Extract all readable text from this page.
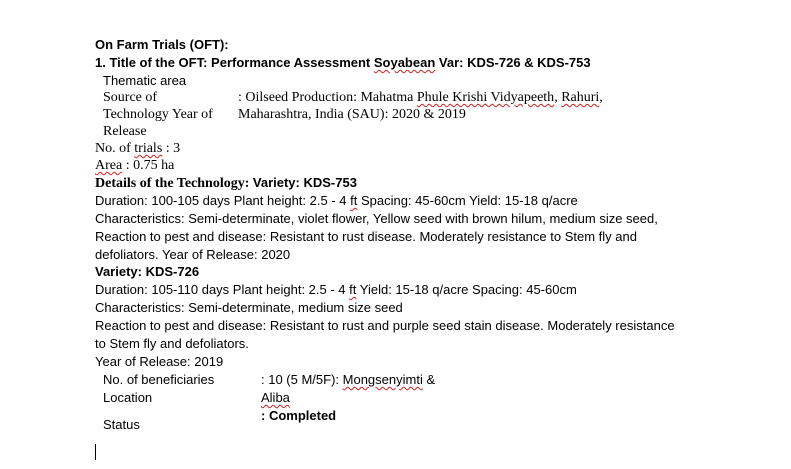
On Farm Trials (OFT):
1. Title of the OFT: Performance Assessment Soyabean Var: KDS-726 & KDS-753
Thematic area
Source of
Technology Year of
Release
: Oilseed Production: Mahatma Phule Krishi Vidyapeeth, Rahuri,
Maharashtra, India (SAU): 2020 & 2019
No. of trials : 3
Area : 0.75 ha
Details of the Technology: Variety: KDS-753
Duration: 100-105 days Plant height: 2.5 - 4 ft Spacing: 45-60cm Yield: 15-18 q/acre
Characteristics: Semi-determinate, violet flower, Yellow seed with brown hilum, medium size seed,
Reaction to pest and disease: Resistant to rust disease. Moderately resistance to Stem fly and
defoliators. Year of Release: 2020
Variety: KDS-726
Duration: 105-110 days Plant height: 2.5 - 4 ft Yield: 15-18 q/acre Spacing: 45-60cm
Characteristics: Semi-determinate, medium size seed
Reaction to pest and disease: Resistant to rust and purple seed stain disease. Moderately resistance
to Stem fly and defoliators.
Year of Release: 2019
No. of beneficiaries	: 10 (5 M/5F): Mongsenyimti &
Location	Aliba
: Completed
Status
